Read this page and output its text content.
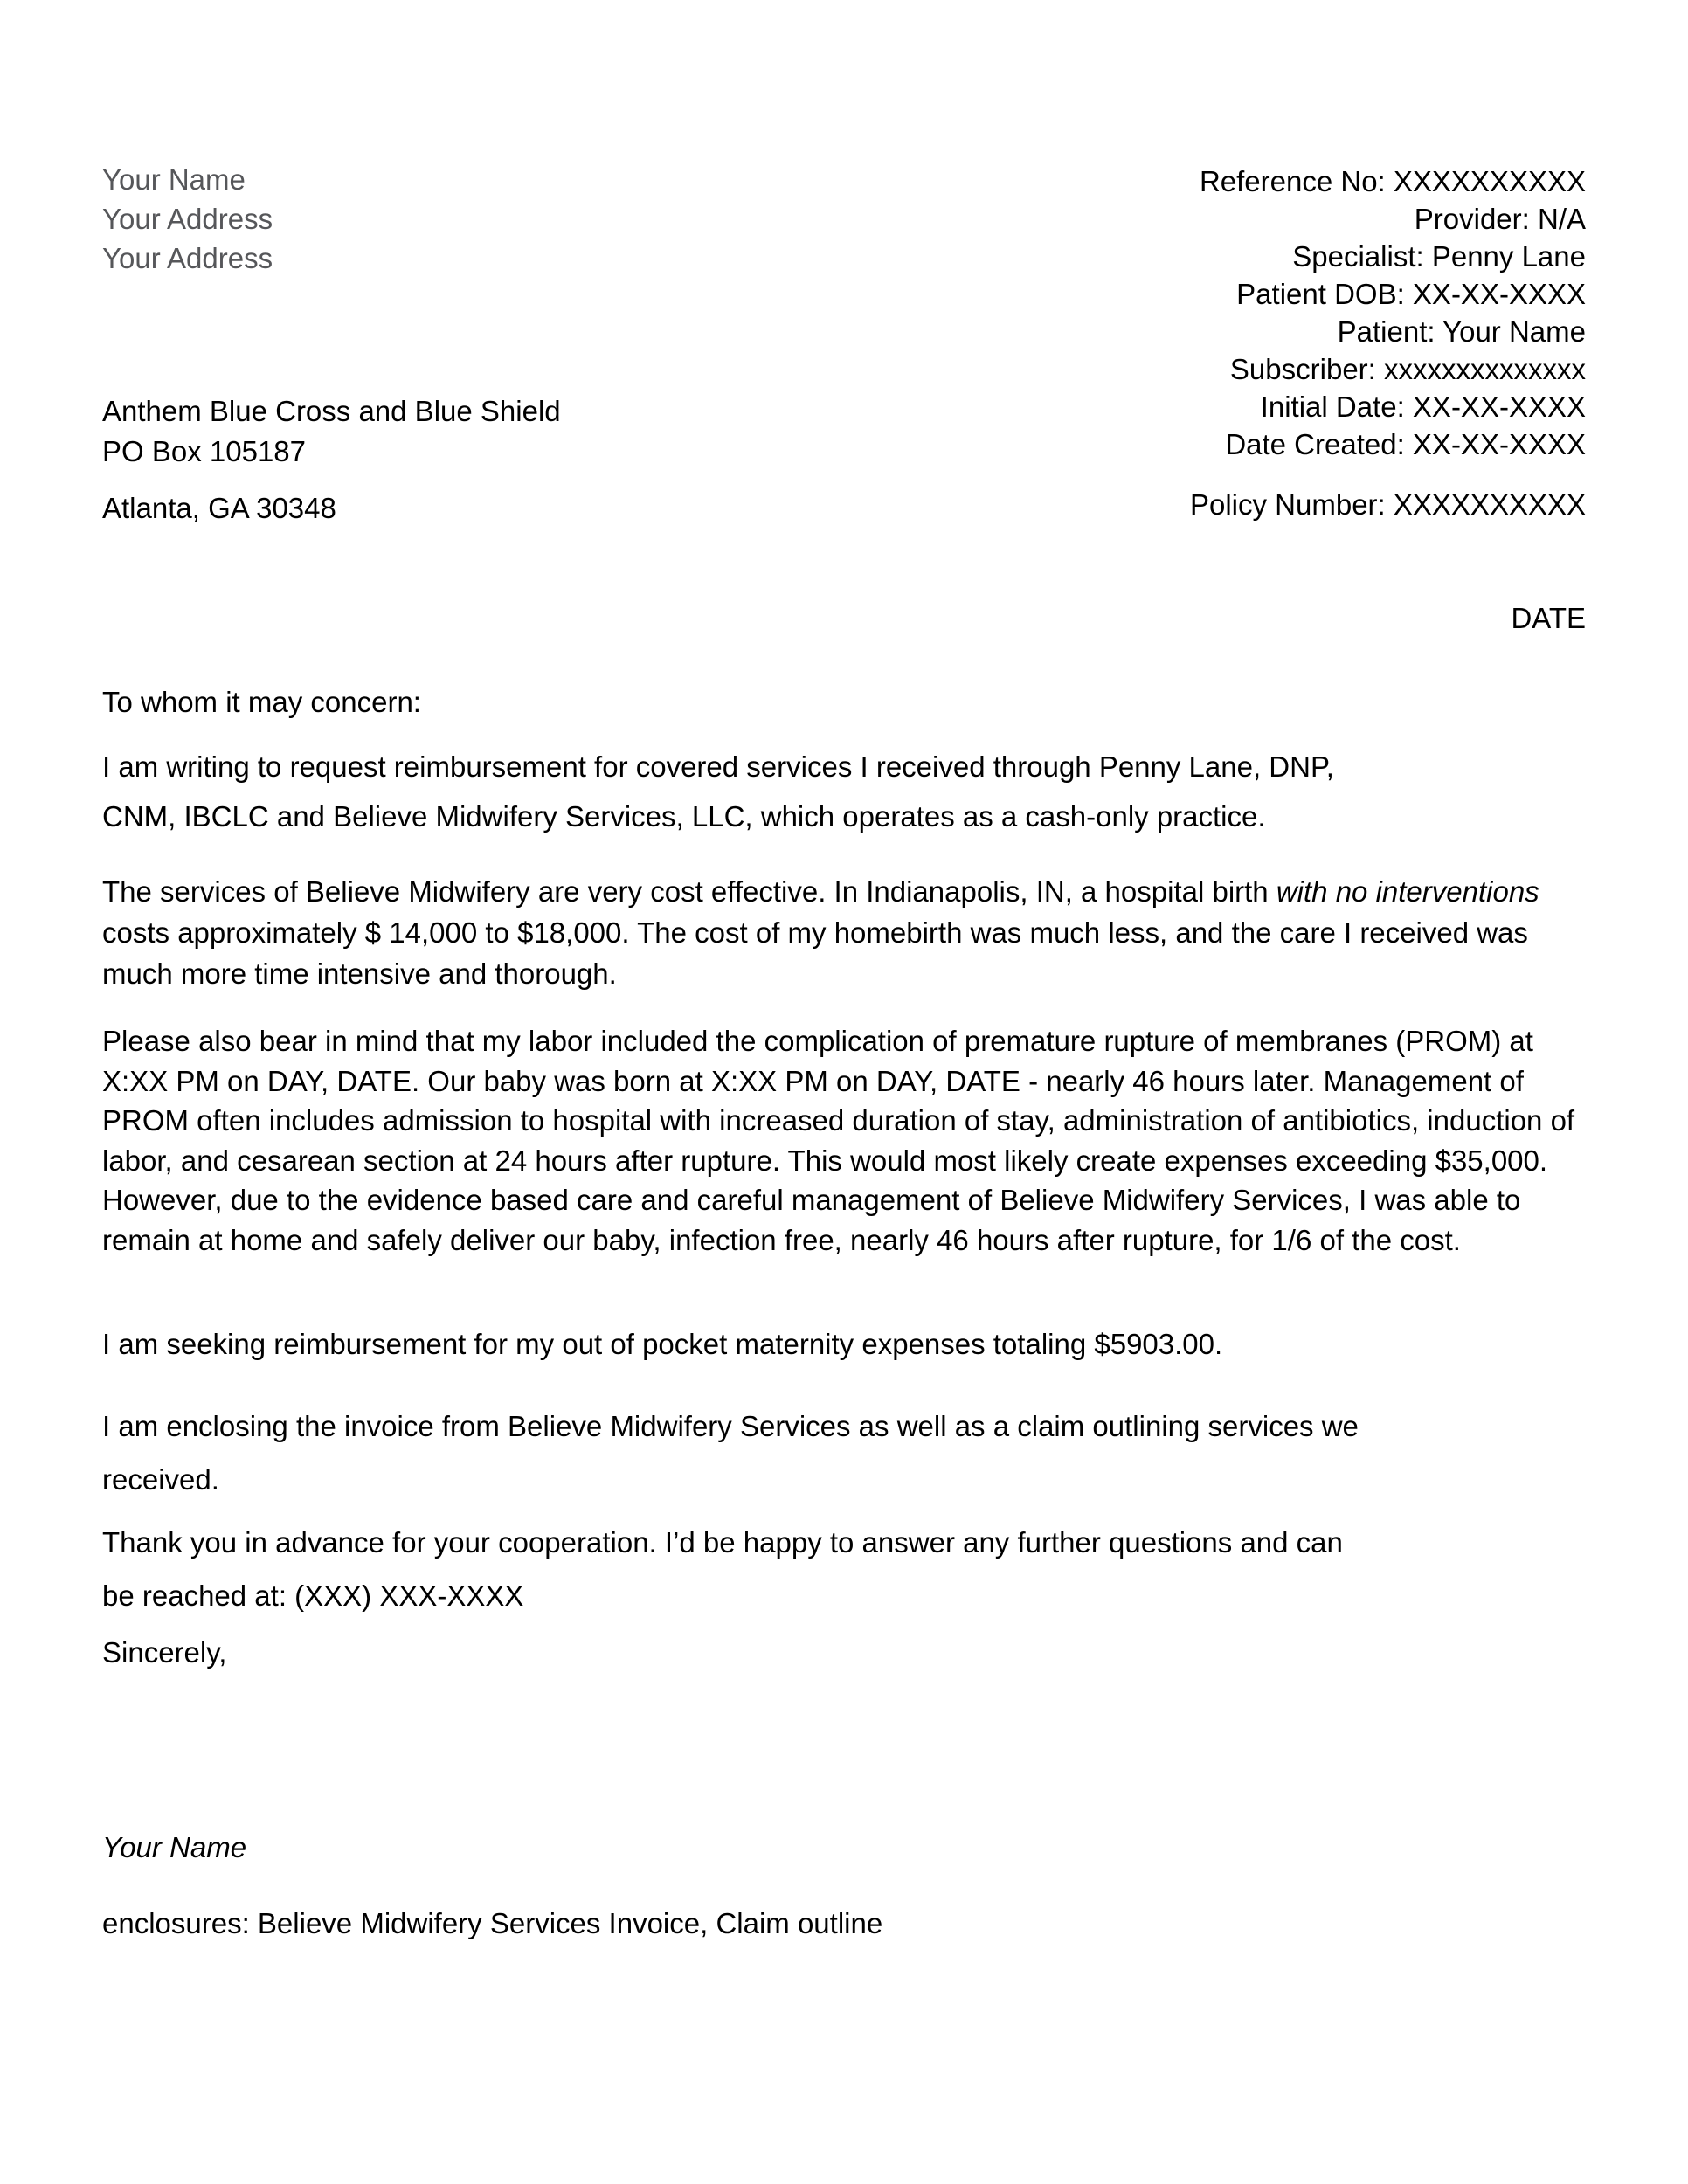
Your Name
Your Address
Your Address
Reference No: XXXXXXXXXX
Provider: N/A
Specialist: Penny Lane
Patient DOB: XX-XX-XXXX
Patient: Your Name
Subscriber: xxxxxxxxxxxxxx
Initial Date: XX-XX-XXXX
Date Created: XX-XX-XXXX
Policy Number: XXXXXXXXXX
Anthem Blue Cross and Blue Shield
PO Box 105187
Atlanta, GA 30348
DATE
To whom it may concern:
I am writing to request reimbursement for covered services I received through Penny Lane, DNP,
CNM, IBCLC and Believe Midwifery Services, LLC, which operates as a cash-only practice.
The services of Believe Midwifery are very cost effective. In Indianapolis, IN, a hospital birth with no interventions costs approximately $ 14,000 to $18,000. The cost of my homebirth was much less, and the care I received was much more time intensive and thorough.
Please also bear in mind that my labor included the complication of premature rupture of membranes (PROM) at X:XX PM on DAY, DATE. Our baby was born at X:XX PM on DAY, DATE - nearly 46 hours later. Management of PROM often includes admission to hospital with increased duration of stay, administration of antibiotics, induction of labor, and cesarean section at 24 hours after rupture. This would most likely create expenses exceeding $35,000. However, due to the evidence based care and careful management of Believe Midwifery Services, I was able to remain at home and safely deliver our baby, infection free, nearly 46 hours after rupture, for 1/6 of the cost.
I am seeking reimbursement for my out of pocket maternity expenses totaling $5903.00.
I am enclosing the invoice from Believe Midwifery Services as well as a claim outlining services we
received.
Thank you in advance for your cooperation. I’d be happy to answer any further questions and can
be reached at: (XXX) XXX-XXXX
Sincerely,
Your Name
enclosures: Believe Midwifery Services Invoice, Claim outline
